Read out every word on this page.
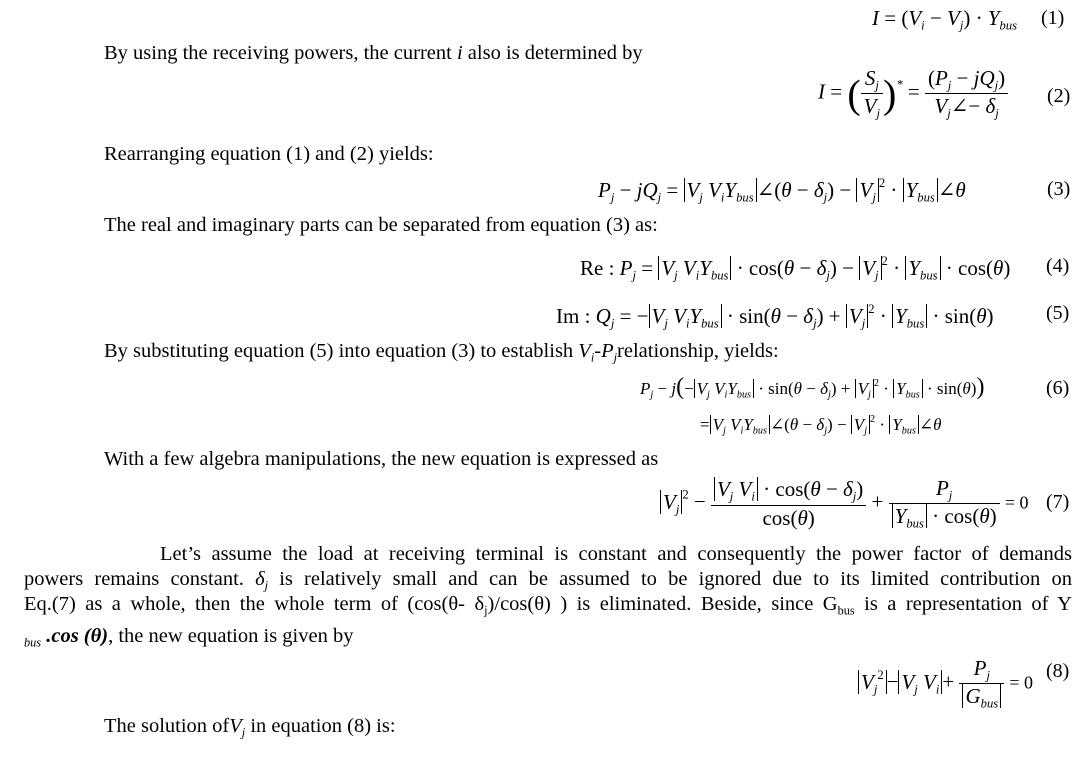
$I = (V_i - V_j) \cdot Y_{bus}$ (1)
By using the receiving powers, the current i also is determined by
I = ( $\frac{S_j}{V_j} )^* = \frac{(P_j - jQ_j)}{V_j\angle- \delta_j} (2)$
Rearranging equation (1) and (2) yields:
$P_j - jQ_j = V_j$ $V_iY_{bus}$ ∠(θ − $\delta_j) - V_j^2 \cdot Y_{bus}$ ∠θ	(3)
The real and imaginary parts can be separated from equation (3) as:
Re : $P_j = V_j$ $V_iY_{bus} \cdot \cos(\theta - \delta_j) - V_j^2 \cdot Y_{bus} \cdot \cos(\theta)$ (4)
Im : $Q_j$ = − $V_j$ $V_iY_{bus} \cdot \sin(\theta - \delta_j) + V_j^2 \cdot Y_{bus} \cdot \sin(\theta)$	(5)
By substituting equation (5) into equation (3) to establish $V_i-P_jrelationship$, yields:
$P_j - j(- V_j$ $V_iY_{bus} \cdot \sin(\theta - \delta_j) + V_j^2 \cdot Y_{bus} \cdot \sin(\theta)$)	(6)
= $V_j$ $V_iY_{bus}$ ∠(θ − $\delta_j) - V_j^2 \cdot Y_{bus}$ ∠θ
With a few algebra manipulations, the new equation is expressed as
$V_j^2 - \frac{V_j V_i \cdot \cos(\theta - \delta_j)}{\cos(\theta)} + \frac{P_j}{Y_{bus} \cdot \cos(\theta)} = 0$ (7)
Let’s assume the load at receiving terminal is constant and consequently the power factor of demands
powers remains constant. $\delta_j$ is relatively small and can be assumed to be ignored due to its limited contribution on
Eq.(7) as a whole, then the whole term of (cos(θ- $\delta_j)/\cos(\theta)$ ) is eliminated. Beside, since $G_{bus}$ is a representation of Y
$_{bus}$ .cos (θ), the new equation is given by
$V_j^2 - V_j$ $V_i + \frac{P_j}{G_{bus}} = 0$
(8)
The solution ofV$_j$ in equation (8) is:
